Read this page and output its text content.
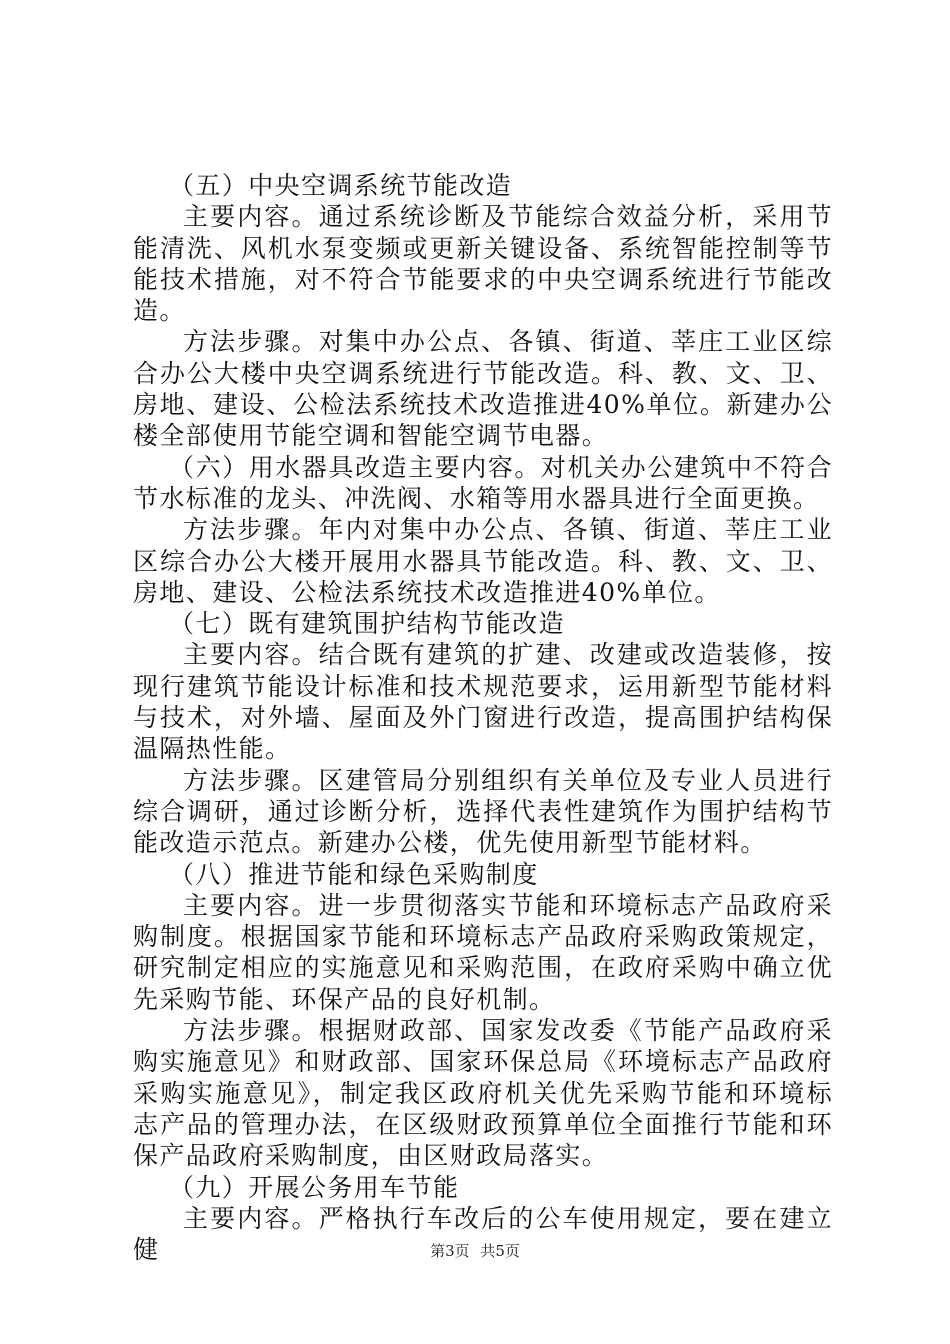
（五）中央空调系统节能改造

主要内容。通过系统诊断及节能综合效益分析，采用节能清洗、风机水泵变频或更新关键设备、系统智能控制等节能技术措施，对不符合节能要求的中央空调系统进行节能改造。

方法步骤。对集中办公点、各镇、街道、莘庄工业区综合办公大楼中央空调系统进行节能改造。科、教、文、卫、房地、建设、公检法系统技术改造推进40%单位。新建办公楼全部使用节能空调和智能空调节电器。

（六）用水器具改造主要内容。对机关办公建筑中不符合节水标准的龙头、冲洗阀、水箱等用水器具进行全面更换。

方法步骤。年内对集中办公点、各镇、街道、莘庄工业区综合办公大楼开展用水器具节能改造。科、教、文、卫、房地、建设、公检法系统技术改造推进40%单位。

（七）既有建筑围护结构节能改造

主要内容。结合既有建筑的扩建、改建或改造装修，按现行建筑节能设计标准和技术规范要求，运用新型节能材料与技术，对外墙、屋面及外门窗进行改造，提高围护结构保温隔热性能。

方法步骤。区建管局分别组织有关单位及专业人员进行综合调研，通过诊断分析，选择代表性建筑作为围护结构节能改造示范点。新建办公楼，优先使用新型节能材料。

（八）推进节能和绿色采购制度

主要内容。进一步贯彻落实节能和环境标志产品政府采购制度。根据国家节能和环境标志产品政府采购政策规定，研究制定相应的实施意见和采购范围，在政府采购中确立优先采购节能、环保产品的良好机制。

方法步骤。根据财政部、国家发改委《节能产品政府采购实施意见》和财政部、国家环保总局《环境标志产品政府采购实施意见》，制定我区政府机关优先采购节能和环境标志产品的管理办法，在区级财政预算单位全面推行节能和环保产品政府采购制度，由区财政局落实。

（九）开展公务用车节能

主要内容。严格执行车改后的公车使用规定，要在建立健	第3页 共5页
